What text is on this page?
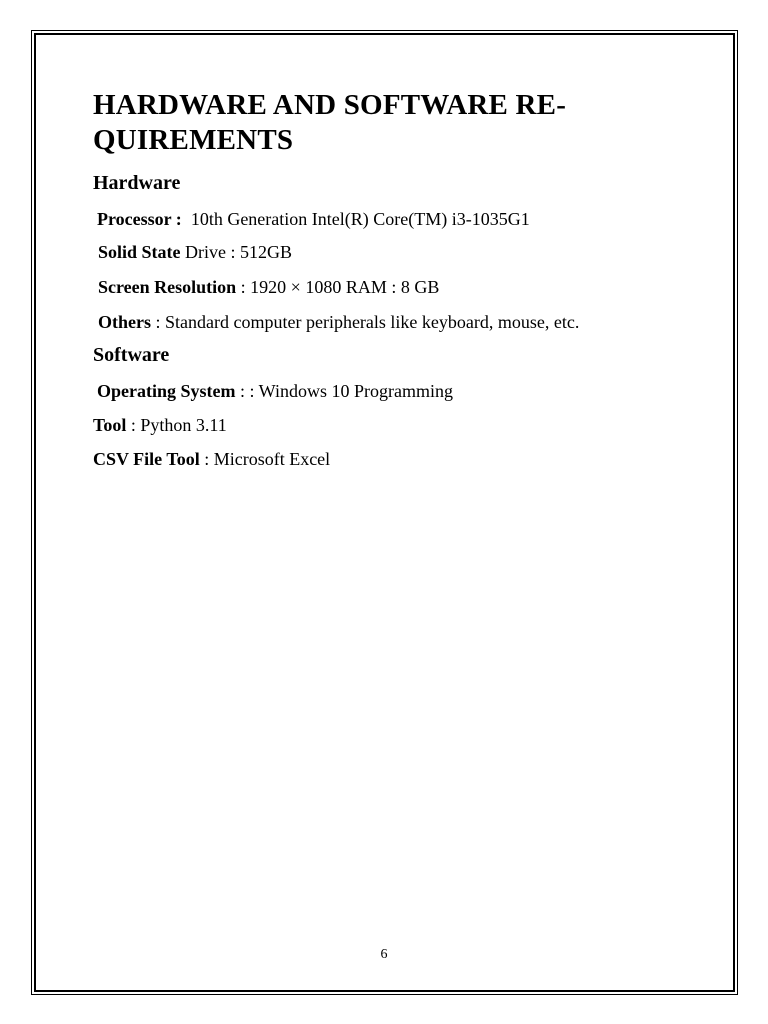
HARDWARE AND SOFTWARE RE-
QUIREMENTS
Hardware

Processor : 10th Generation Intel(R) Core(TM) i3-1035G1

Solid State Drive : 512GB

Screen Resolution : 1920 × 1080 RAM : 8 GB

Others : Standard computer peripherals like keyboard, mouse, etc.

Software

Operating System : : Windows 10 Programming

Tool : Python 3.11

CSV File Tool : Microsoft Excel

6
